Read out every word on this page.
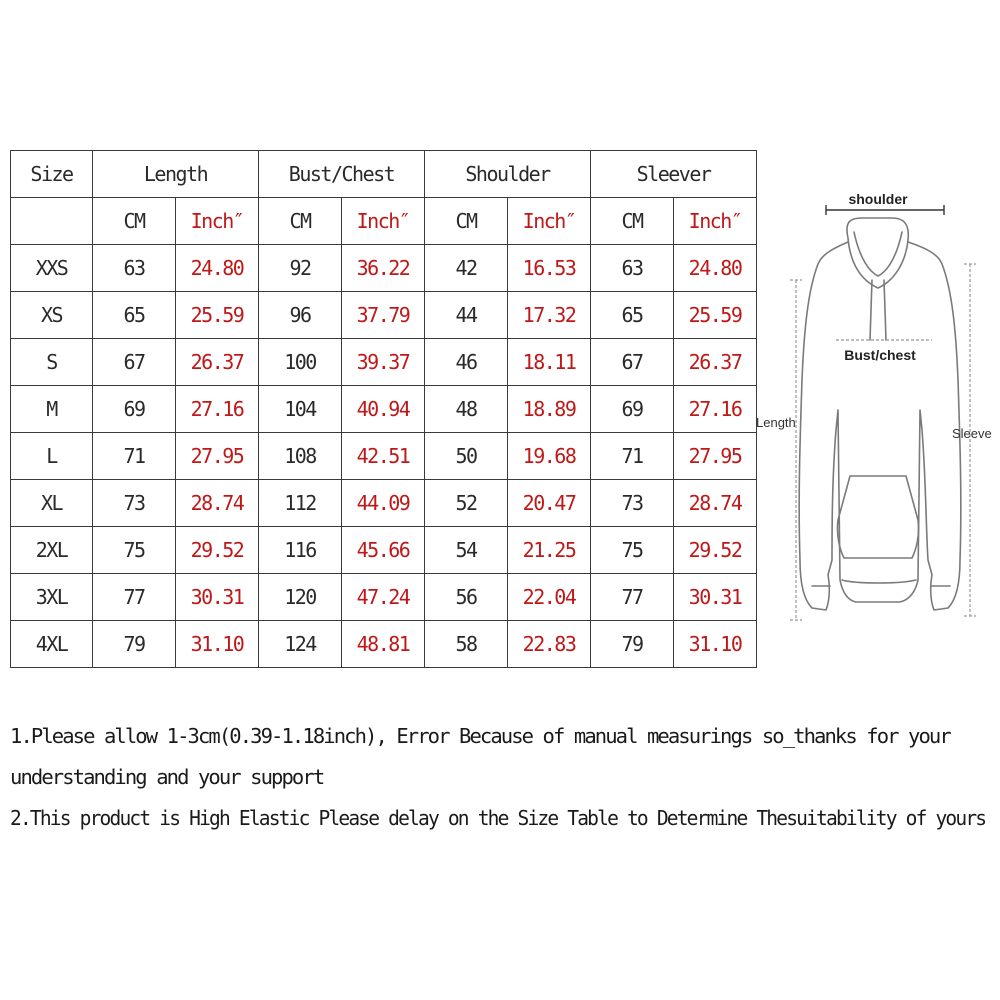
Size	Length		Bust/Chest		Shoulder		Sleever	
	CM	Inch″	CM	Inch″	CM	Inch″	CM	Inch″
XXS	63	24.80	92	36.22	42	16.53	63	24.80
XS	65	25.59	96	37.79	44	17.32	65	25.59
S	67	26.37	100	39.37	46	18.11	67	26.37
M	69	27.16	104	40.94	48	18.89	69	27.16
L	71	27.95	108	42.51	50	19.68	71	27.95
XL	73	28.74	112	44.09	52	20.47	73	28.74
2XL	75	29.52	116	45.66	54	21.25	75	29.52
3XL	77	30.31	120	47.24	56	22.04	77	30.31
4XL	79	31.10	124	48.81	58	22.83	79	31.10
shoulder
Bust/chest
Length
Sleeve

1.Please allow 1-3cm(0.39-1.18inch), Error Because of manual measurings so_thanks for your

understanding and your support

2.This product is High Elastic Please delay on the Size Table to Determine Thesuitability of yours
